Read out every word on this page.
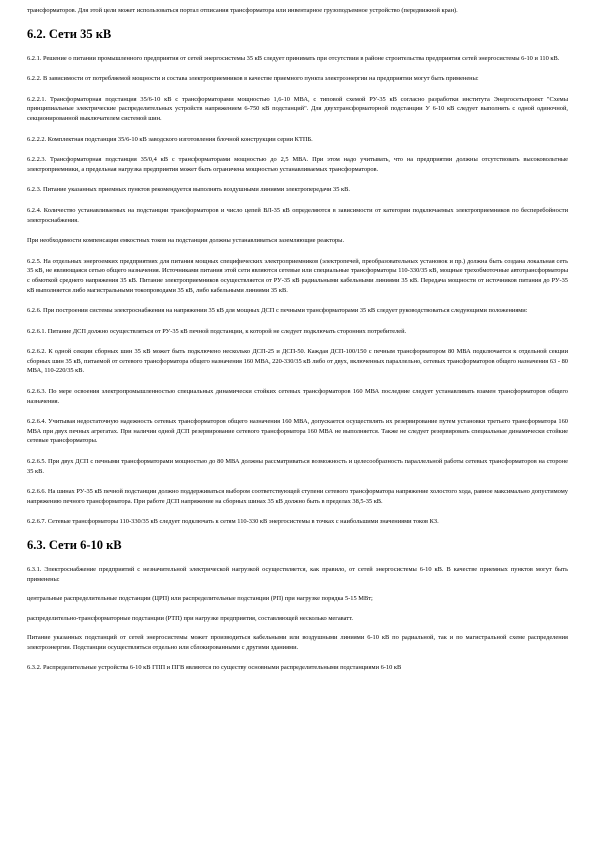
трансформаторов. Для этой цели может использоваться портал отписания трансформатора или инвентарное грузоподъемное устройство (передвижной кран).

6.2. Сети 35 кВ

6.2.1. Решение о питании промышленного предприятия от сетей энергосистемы 35 кВ следует принимать при отсутствии в районе строительства предприятия сетей энергосистемы 6-10 и 110 кВ.

6.2.2. В зависимости от потребляемой мощности и состава электроприемников в качестве приемного пункта электроэнергии на предприятии могут быть применены:

6.2.2.1. Трансформаторная подстанция 35/6-10 кВ с трансформаторами мощностью 1,6-10 МВА, с типовой схемой РУ-35 кВ согласно разработки института Энергосетьпроект "Схемы принципиальные электрические распределительных устройств напряжением 6-750 кВ подстанций". Для двухтрансформаторной подстанции У 6-10 кВ следует выполнять с одной одиночной, секционированной выключателем системой шин.

6.2.2.2. Комплектная подстанция 35/6-10 кВ заводского изготовления блочной конструкции серии КТПБ.

6.2.2.3. Трансформаторная подстанция 35/0,4 кВ с трансформаторами мощностью до 2,5 МВА. При этом надо учитывать, что на предприятии должны отсутствовать высоковольтные электроприемники, а предельная нагрузка предприятия может быть ограничена мощностью устанавливаемых трансформаторов.

6.2.3. Питание указанных приемных пунктов рекомендуется выполнять воздушными линиями электропередачи 35 кВ.

6.2.4. Количество устанавливаемых на подстанции трансформаторов и число цепей ВЛ-35 кВ определяются в зависимости от категории подключаемых электроприемников по бесперебойности электроснабжения.

При необходимости компенсации емкостных токов на подстанции должны устанавливаться заземляющие реакторы.

6.2.5. На отдельных энергоемких предприятиях для питания мощных специфических электроприемников (электропечей, преобразовательных установок и пр.) должна быть создана локальная сеть 35 кВ, не являющаяся сетью общего назначения. Источниками питания этой сети являются сетевые или специальные трансформаторы 110-330/35 кВ, мощные трехобмоточные автотрансформаторы с обмоткой среднего напряжения 35 кВ. Питание электроприемников осуществляется от РУ-35 кВ радиальными кабельными линиями 35 кВ. Передача мощности от источников питания до РУ-35 кВ выполняется либо магистральными токопроводами 35 кВ, либо кабельными линиями 35 кВ.

6.2.6. При построении системы электроснабжения на напряжении 35 кВ для мощных ДСП с печными трансформаторами 35 кВ следует руководствоваться следующими положениями:

6.2.6.1. Питание ДСП должно осуществляться от РУ-35 кВ печной подстанции, к которой не следует подключать сторонних потребителей.

6.2.6.2. К одной секции сборных шин 35 кВ может быть подключено несколько ДСП-25 и ДСП-50. Каждая ДСП-100/150 с печным трансформатором 80 МВА подключается к отдельной секции сборных шин 35 кВ, питаемой от сетевого трансформатора общего назначения 160 МВА, 220-330/35 кВ либо от двух, включенных параллельно, сетевых трансформаторов общего назначения 63 - 80 МВА, 110-220/35 кВ.

6.2.6.3. По мере освоения электропромышленностью специальных динамически стойких сетевых трансформаторов 160 МВА последние следует устанавливать взамен трансформаторов общего назначения.

6.2.6.4. Учитывая недостаточную надежность сетевых трансформаторов общего назначения 160 МВА, допускается осуществлять их резервирование путем установки третьего трансформатора 160 МВА при двух печных агрегатах. При наличии одной ДСП резервирование сетевого трансформатора 160 МВА не выполняется. Также не следует резервировать специальные динамически стойкие сетевые трансформаторы.

6.2.6.5. При двух ДСП с печными трансформаторами мощностью до 80 МВА должны рассматриваться возможность и целесообразность параллельной работы сетевых трансформаторов на стороне 35 кВ.

6.2.6.6. На шинах РУ-35 кВ печной подстанции должно поддерживаться выбором соответствующей ступени сетевого трансформатора напряжение холостого хода, равное максимально допустимому напряжению печного трансформатора. При работе ДСП напряжение на сборных шинах 35 кВ должно быть в пределах 38,5-35 кВ.

6.2.6.7. Сетевые трансформаторы 110-330/35 кВ следует подключать к сетям 110-330 кВ энергосистемы в точках с наибольшими значениями токов КЗ.

6.3. Сети 6-10 кВ

6.3.1. Электроснабжение предприятий с незначительной электрической нагрузкой осуществляется, как правило, от сетей энергосистемы 6-10 кВ. В качестве приемных пунктов могут быть применены:

центральные распределительные подстанции (ЦРП) или распределительные подстанции (РП) при нагрузке порядка 5-15 МВт;

распределительно-трансформаторные подстанции (РТП) при нагрузке предприятия, составляющей несколько мегаватт.

Питание указанных подстанций от сетей энергосистемы может производиться кабельными или воздушными линиями 6-10 кВ по радиальной, так и по магистральной схеме распределения электроэнергии. Подстанции осуществляться отдельно или сблокированными с другими зданиями.

6.3.2. Распределительные устройства 6-10 кВ ГПП и ПГВ являются по существу основными распределительными подстанциями 6-10 кВ
